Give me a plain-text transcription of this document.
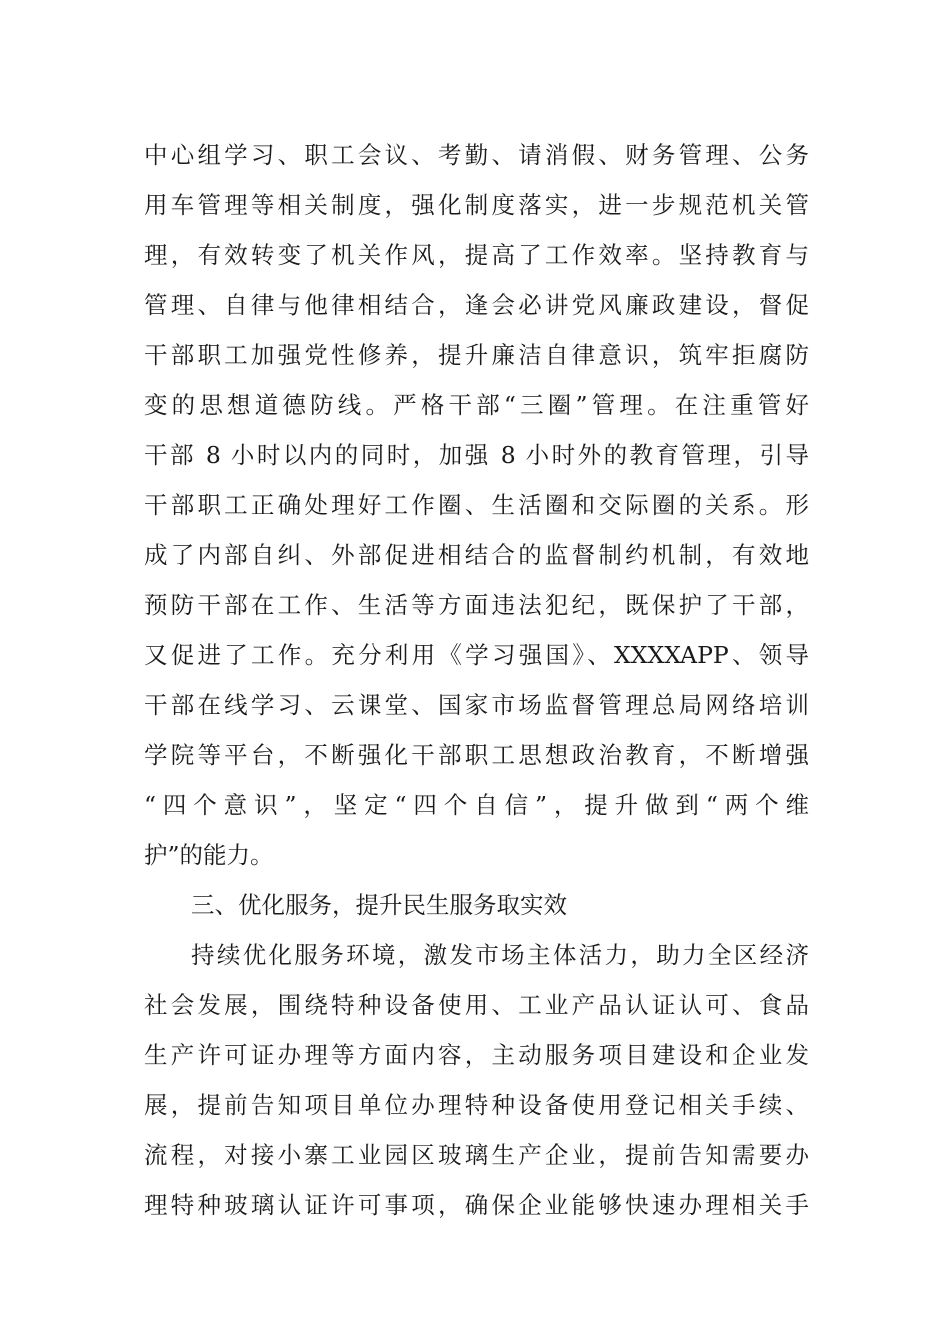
中心组学习、职工会议、考勤、请消假、财务管理、公务
用车管理等相关制度，强化制度落实，进一步规范机关管
理，有效转变了机关作风，提高了工作效率。坚持教育与
管理、自律与他律相结合，逢会必讲党风廉政建设，督促
干部职工加强党性修养，提升廉洁自律意识，筑牢拒腐防
变的思想道德防线。严格干部“三圈”管理。在注重管好
干部 8 小时以内的同时，加强 8 小时外的教育管理，引导
干部职工正确处理好工作圈、生活圈和交际圈的关系。形
成了内部自纠、外部促进相结合的监督制约机制，有效地
预防干部在工作、生活等方面违法犯纪，既保护了干部，
又促进了工作。充分利用《学习强国》、XXXXAPP、领导
干部在线学习、云课堂、国家市场监督管理总局网络培训
学院等平台，不断强化干部职工思想政治教育，不断增强
“四个意识”，坚定“四个自信”，提升做到“两个维
护”的能力。
三、优化服务，提升民生服务取实效
持续优化服务环境，激发市场主体活力，助力全区经济
社会发展，围绕特种设备使用、工业产品认证认可、食品
生产许可证办理等方面内容，主动服务项目建设和企业发
展，提前告知项目单位办理特种设备使用登记相关手续、
流程，对接小寨工业园区玻璃生产企业，提前告知需要办
理特种玻璃认证许可事项，确保企业能够快速办理相关手
